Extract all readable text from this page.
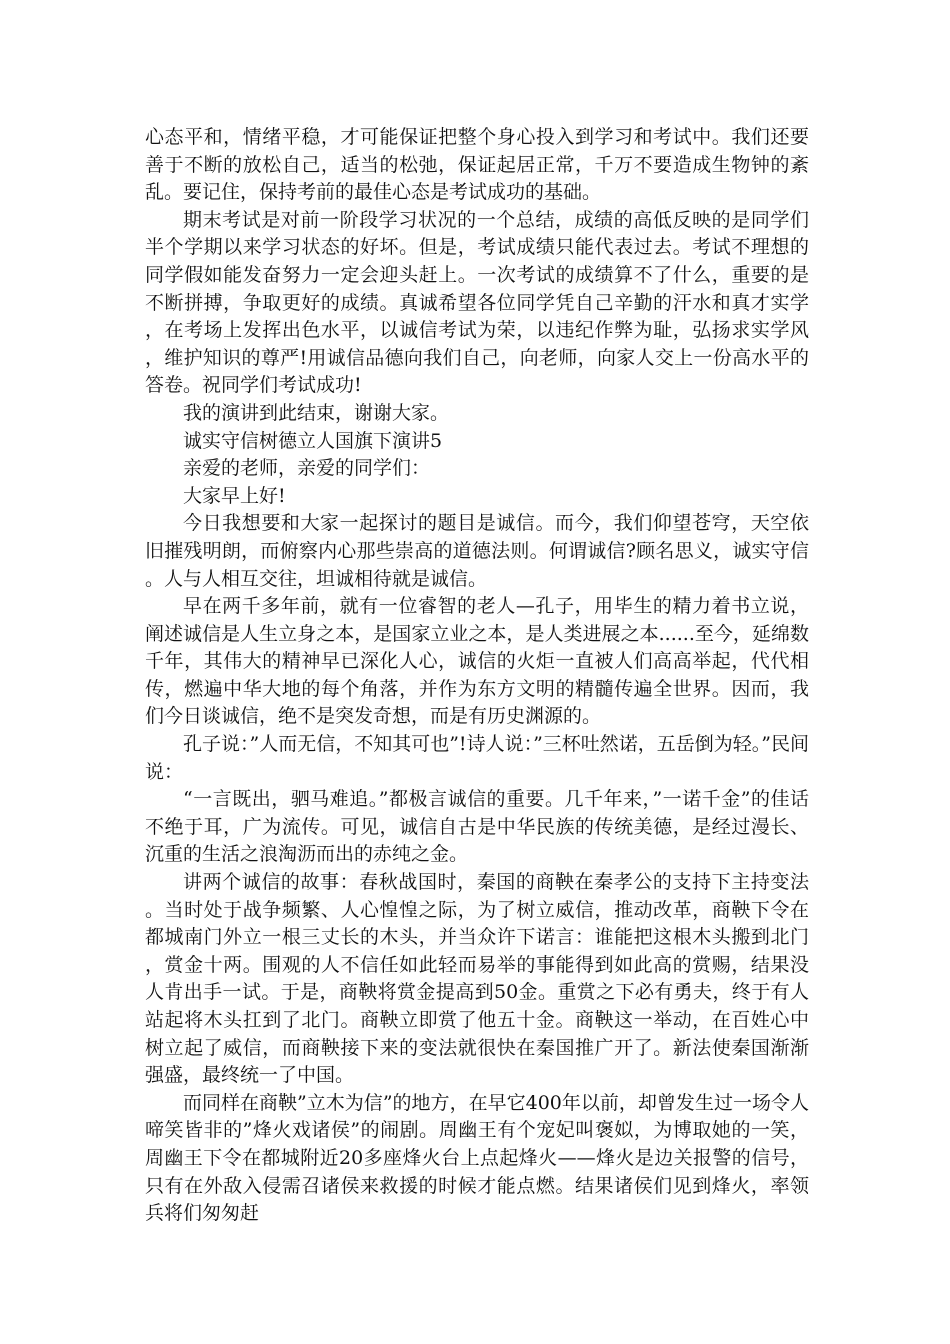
心态平和，情绪平稳，才可能保证把整个身心投入到学习和考试中。我们还要善于不断的放松自己，适当的松弛，保证起居正常，千万不要造成生物钟的紊乱。要记住，保持考前的最佳心态是考试成功的基础。

期末考试是对前一阶段学习状况的一个总结，成绩的高低反映的是同学们半个学期以来学习状态的好坏。但是，考试成绩只能代表过去。考试不理想的同学假如能发奋努力一定会迎头赶上。一次考试的成绩算不了什么，重要的是不断拼搏，争取更好的成绩。真诚希望各位同学凭自己辛勤的汗水和真才实学，在考场上发挥出色水平，以诚信考试为荣，以违纪作弊为耻，弘扬求实学风，维护知识的尊严!用诚信品德向我们自己，向老师，向家人交上一份高水平的答卷。祝同学们考试成功!

我的演讲到此结束，谢谢大家。

诚实守信树德立人国旗下演讲5

亲爱的老师，亲爱的同学们：

大家早上好!

今日我想要和大家一起探讨的题目是诚信。而今，我们仰望苍穹，天空依旧摧残明朗，而俯察内心那些崇高的道德法则。何谓诚信?顾名思义，诚实守信。人与人相互交往，坦诚相待就是诚信。

早在两千多年前，就有一位睿智的老人—孔子，用毕生的精力着书立说，阐述诚信是人生立身之本，是国家立业之本，是人类进展之本......至今，延绵数千年，其伟大的精神早已深化人心，诚信的火炬一直被人们高高举起，代代相传，燃遍中华大地的每个角落，并作为东方文明的精髓传遍全世界。因而，我们今日谈诚信，绝不是突发奇想，而是有历史渊源的。

孔子说：”人而无信，不知其可也”!诗人说：”三杯吐然诺，五岳倒为轻。”民间说：

“一言既出，驷马难追。”都极言诚信的重要。几千年来，”一诺千金”的佳话不绝于耳，广为流传。可见，诚信自古是中华民族的传统美德，是经过漫长、沉重的生活之浪淘沥而出的赤纯之金。

讲两个诚信的故事：春秋战国时，秦国的商鞅在秦孝公的支持下主持变法。当时处于战争频繁、人心惶惶之际，为了树立威信，推动改革，商鞅下令在都城南门外立一根三丈长的木头，并当众许下诺言：谁能把这根木头搬到北门，赏金十两。围观的人不信任如此轻而易举的事能得到如此高的赏赐，结果没人肯出手一试。于是，商鞅将赏金提高到50金。重赏之下必有勇夫，终于有人站起将木头扛到了北门。商鞅立即赏了他五十金。商鞅这一举动，在百姓心中树立起了威信，而商鞅接下来的变法就很快在秦国推广开了。新法使秦国渐渐强盛，最终统一了中国。

而同样在商鞅”立木为信”的地方，在早它400年以前，却曾发生过一场令人啼笑皆非的”烽火戏诸侯”的闹剧。周幽王有个宠妃叫褒姒，为博取她的一笑，周幽王下令在都城附近20多座烽火台上点起烽火——烽火是边关报警的信号，只有在外敌入侵需召诸侯来救援的时候才能点燃。结果诸侯们见到烽火，率领兵将们匆匆赶
